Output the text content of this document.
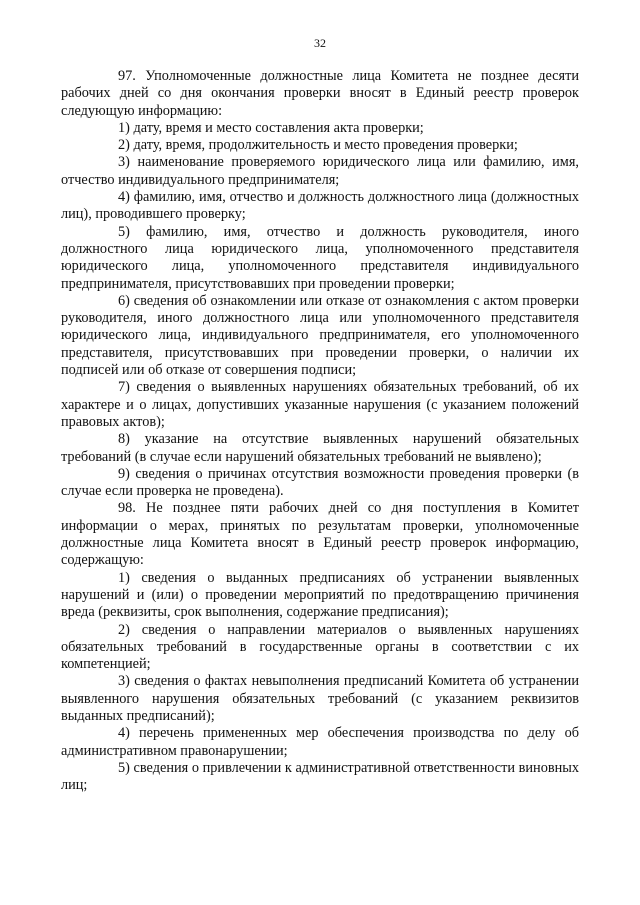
32

97. Уполномоченные должностные лица Комитета не позднее десяти рабочих дней со дня окончания проверки вносят в Единый реестр проверок следующую информацию:

1) дату, время и место составления акта проверки;

2) дату, время, продолжительность и место проведения проверки;

3) наименование проверяемого юридического лица или фамилию, имя, отчество индивидуального предпринимателя;

4) фамилию, имя, отчество и должность должностного лица (должностных лиц), проводившего проверку;

5) фамилию, имя, отчество и должность руководителя, иного должностного лица юридического лица, уполномоченного представителя юридического лица, уполномоченного представителя индивидуального предпринимателя, присутствовавших при проведении проверки;

6) сведения об ознакомлении или отказе от ознакомления с актом проверки руководителя, иного должностного лица или уполномоченного представителя юридического лица, индивидуального предпринимателя, его уполномоченного представителя, присутствовавших при проведении проверки, о наличии их подписей или об отказе от совершения подписи;

7) сведения о выявленных нарушениях обязательных требований, об их характере и о лицах, допустивших указанные нарушения (с указанием положений правовых актов);

8) указание на отсутствие выявленных нарушений обязательных требований (в случае если нарушений обязательных требований не выявлено);

9) сведения о причинах отсутствия возможности проведения проверки (в случае если проверка не проведена).

98. Не позднее пяти рабочих дней со дня поступления в Комитет информации о мерах, принятых по результатам проверки, уполномоченные должностные лица Комитета вносят в Единый реестр проверок информацию, содержащую:

1) сведения о выданных предписаниях об устранении выявленных нарушений и (или) о проведении мероприятий по предотвращению причинения вреда (реквизиты, срок выполнения, содержание предписания);

2) сведения о направлении материалов о выявленных нарушениях обязательных требований в государственные органы в соответствии с их компетенцией;

3) сведения о фактах невыполнения предписаний Комитета об устранении выявленного нарушения обязательных требований (с указанием реквизитов выданных предписаний);

4) перечень примененных мер обеспечения производства по делу об административном правонарушении;

5) сведения о привлечении к административной ответственности виновных лиц;
